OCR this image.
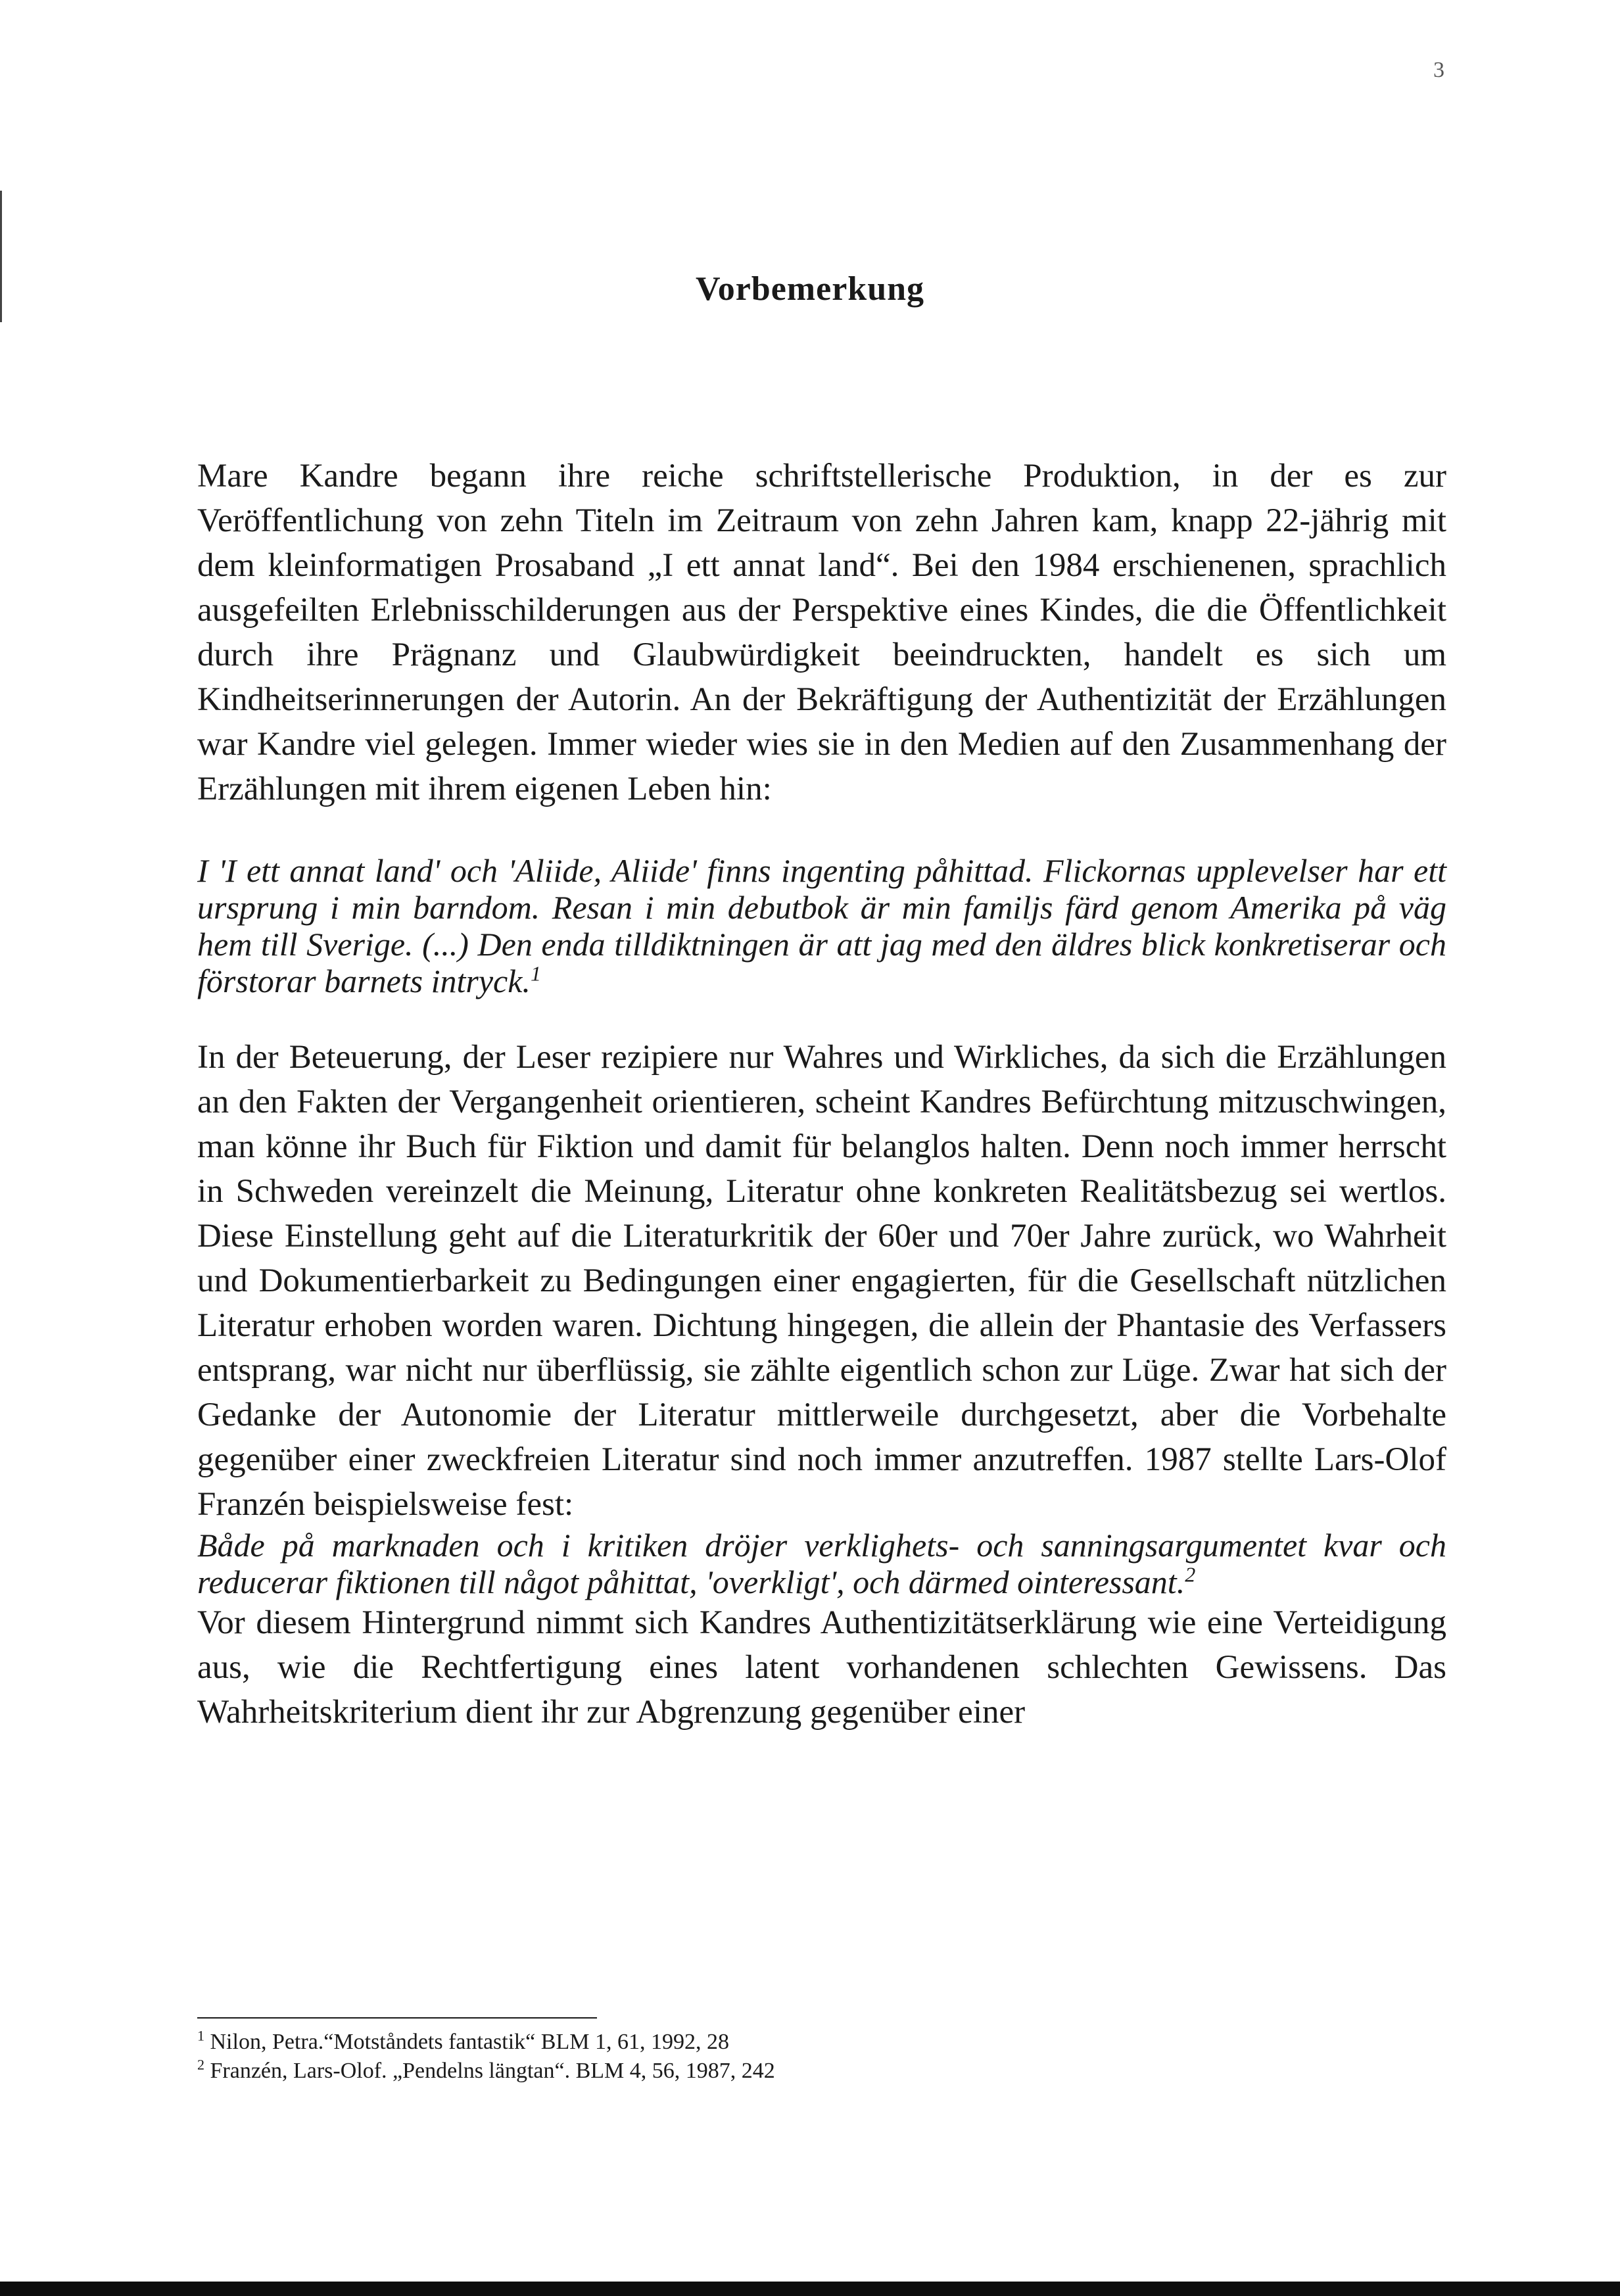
3
Vorbemerkung

Mare Kandre begann ihre reiche schriftstellerische Produktion, in der es zur Veröffentlichung von zehn Titeln im Zeitraum von zehn Jahren kam, knapp 22-jährig mit dem kleinformatigen Prosaband „I ett annat land“. Bei den 1984 erschienenen, sprachlich ausgefeilten Erlebnisschilderungen aus der Perspektive eines Kindes, die die Öffentlichkeit durch ihre Prägnanz und Glaubwürdigkeit beeindruckten, handelt es sich um Kindheitserinnerungen der Autorin. An der Bekräftigung der Authentizität der Erzählungen war Kandre viel gelegen. Immer wieder wies sie in den Medien auf den Zusammenhang der Erzählungen mit ihrem eigenen Leben hin:

I 'I ett annat land' och 'Aliide, Aliide' finns ingenting påhittad. Flickornas upplevelser har ett ursprung i min barndom. Resan i min debutbok är min familjs färd genom Amerika på väg hem till Sverige. (...) Den enda tilldiktningen är att jag med den äldres blick konkretiserar och förstorar barnets intryck.$^1$

In der Beteuerung, der Leser rezipiere nur Wahres und Wirkliches, da sich die Erzählungen an den Fakten der Vergangenheit orientieren, scheint Kandres Befürchtung mitzuschwingen, man könne ihr Buch für Fiktion und damit für belanglos halten. Denn noch immer herrscht in Schweden vereinzelt die Meinung, Literatur ohne konkreten Realitätsbezug sei wertlos. Diese Einstellung geht auf die Literaturkritik der 60er und 70er Jahre zurück, wo Wahrheit und Dokumentierbarkeit zu Bedingungen einer engagierten, für die Gesellschaft nützlichen Literatur erhoben worden waren. Dichtung hingegen, die allein der Phantasie des Verfassers entsprang, war nicht nur überflüssig, sie zählte eigentlich schon zur Lüge. Zwar hat sich der Gedanke der Autonomie der Literatur mittlerweile durchgesetzt, aber die Vorbehalte gegenüber einer zweckfreien Literatur sind noch immer anzutreffen. 1987 stellte Lars-Olof Franzén beispielsweise fest:

Både på marknaden och i kritiken dröjer verklighets- och sanningsargumentet kvar och reducerar fiktionen till något påhittat, 'overkligt', och därmed ointeressant.$^2$

Vor diesem Hintergrund nimmt sich Kandres Authentizitätserklärung wie eine Verteidigung aus, wie die Rechtfertigung eines latent vorhandenen schlechten Gewissens. Das Wahrheitskriterium dient ihr zur Abgrenzung gegenüber einer

$^1$ Nilon, Petra.“Motståndets fantastik“ BLM 1, 61, 1992, 28
$^2$ Franzén, Lars-Olof. „Pendelns längtan“. BLM 4, 56, 1987, 242
